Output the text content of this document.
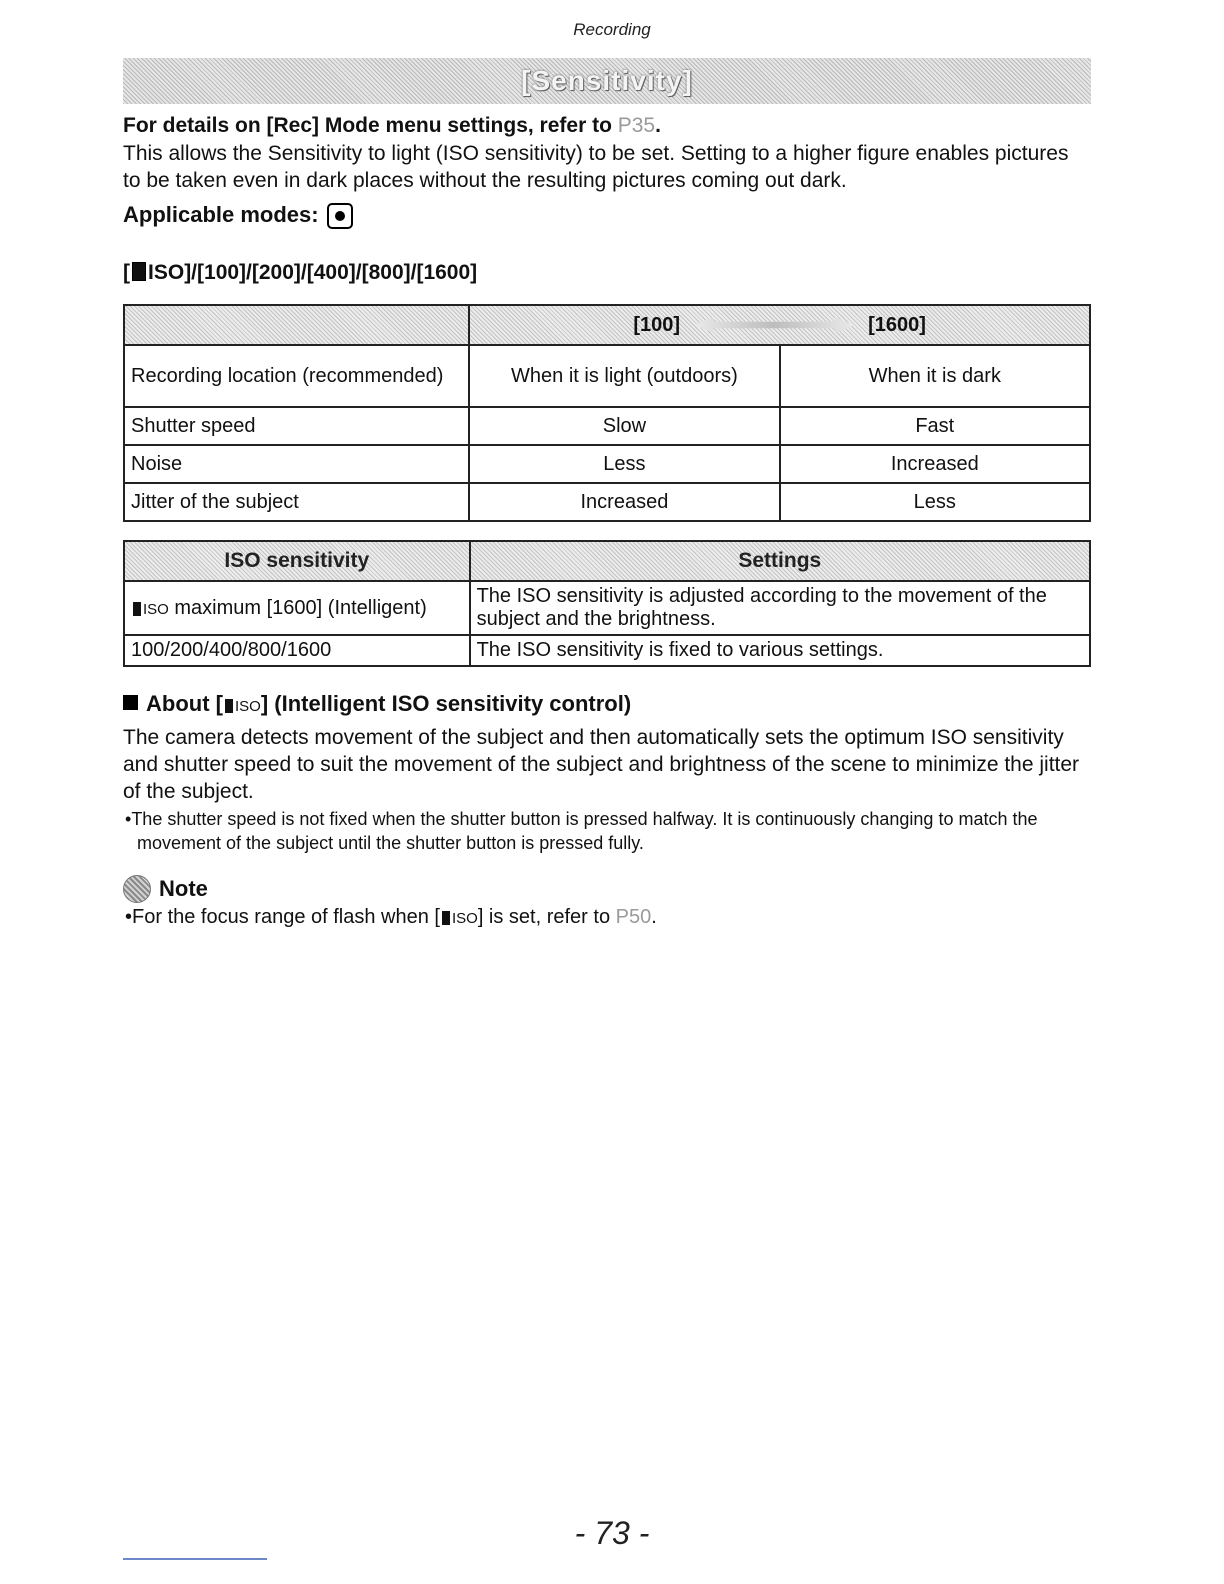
Recording
[Sensitivity]

For details on [Rec] Mode menu settings, refer to P35.

This allows the Sensitivity to light (ISO sensitivity) to be set. Setting to a higher figure enables pictures to be taken even in dark places without the resulting pictures coming out dark.

Applicable modes:
[ ISO]/[100]/[200]/[400]/[800]/[1600]

	[100] [1600]	

Recording location (recommended)	When it is light (outdoors)	When it is dark
Shutter speed	Slow	Fast
Noise	Less	Increased
Jitter of the subject	Increased	Less
ISO sensitivity	Settings
ISO maximum [1600] (Intelligent)	The ISO sensitivity is adjusted according to the movement of the subject and the brightness.
100/200/400/800/1600	The ISO sensitivity is fixed to various settings.
About [ ISO] (Intelligent ISO sensitivity control)

The camera detects movement of the subject and then automatically sets the optimum ISO sensitivity and shutter speed to suit the movement of the subject and brightness of the scene to minimize the jitter of the subject.

•The shutter speed is not fixed when the shutter button is pressed halfway. It is continuously changing to match the movement of the subject until the shutter button is pressed fully.

Note

•For the focus range of flash when [ ISO] is set, refer to P50.

- 73 -
